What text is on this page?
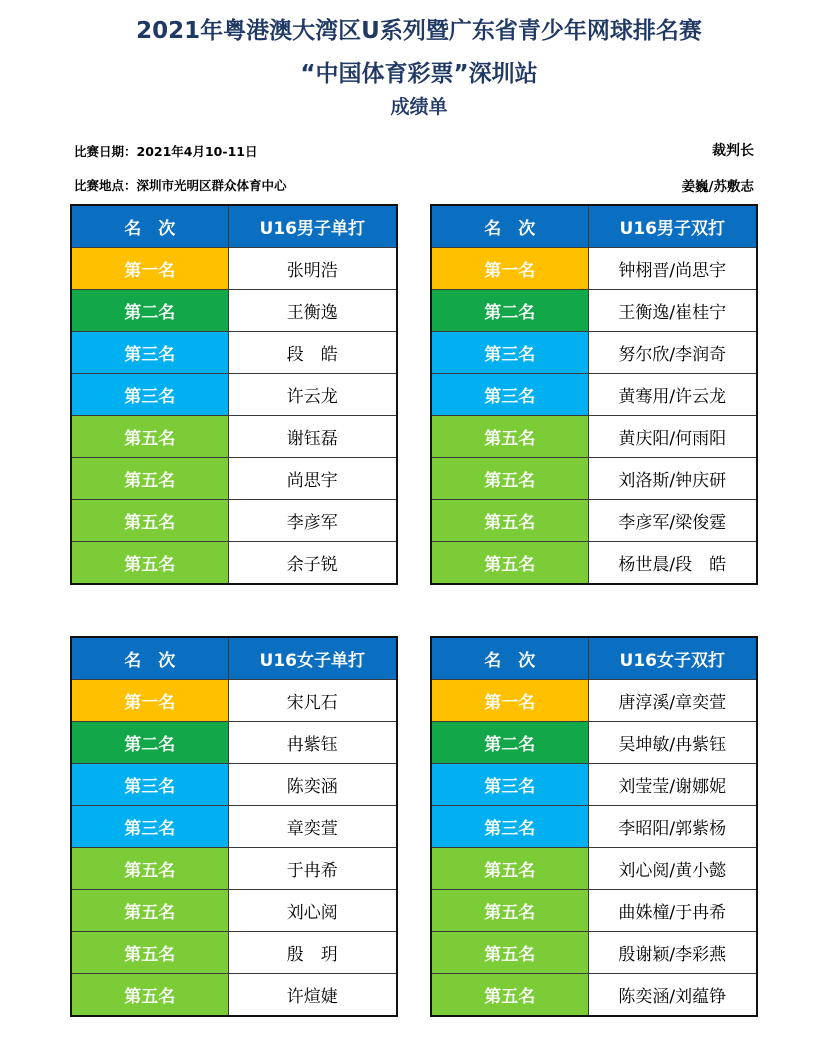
2021年粤港澳大湾区U系列暨广东省青少年网球排名赛
“中国体育彩票”深圳站
成绩单
比赛日期：2021年4月10-11日
比赛地点：深圳市光明区群众体育中心
裁判长
姜巍/苏敷志
名　次	U16男子单打
第一名	张明浩
第二名	王衡逸
第三名	段　皓
第三名	许云龙
第五名	谢钰磊
第五名	尚思宇
第五名	李彦军
第五名	余子锐
名　次	U16男子双打
第一名	钟栩晋/尚思宇
第二名	王衡逸/崔桂宁
第三名	努尔欣/李润奇
第三名	黄骞用/许云龙
第五名	黄庆阳/何雨阳
第五名	刘洛斯/钟庆研
第五名	李彦军/梁俊霆
第五名	杨世晨/段　皓
名　次	U16女子单打
第一名	宋凡石
第二名	冉紫钰
第三名	陈奕涵
第三名	章奕萱
第五名	于冉希
第五名	刘心阅
第五名	殷　玥
第五名	许煊婕
名　次	U16女子双打
第一名	唐淳溪/章奕萱
第二名	吴坤敏/冉紫钰
第三名	刘莹莹/谢娜妮
第三名	李昭阳/郭紫杨
第五名	刘心阅/黄小懿
第五名	曲姝橦/于冉希
第五名	殷谢颖/李彩燕
第五名	陈奕涵/刘蕴铮
